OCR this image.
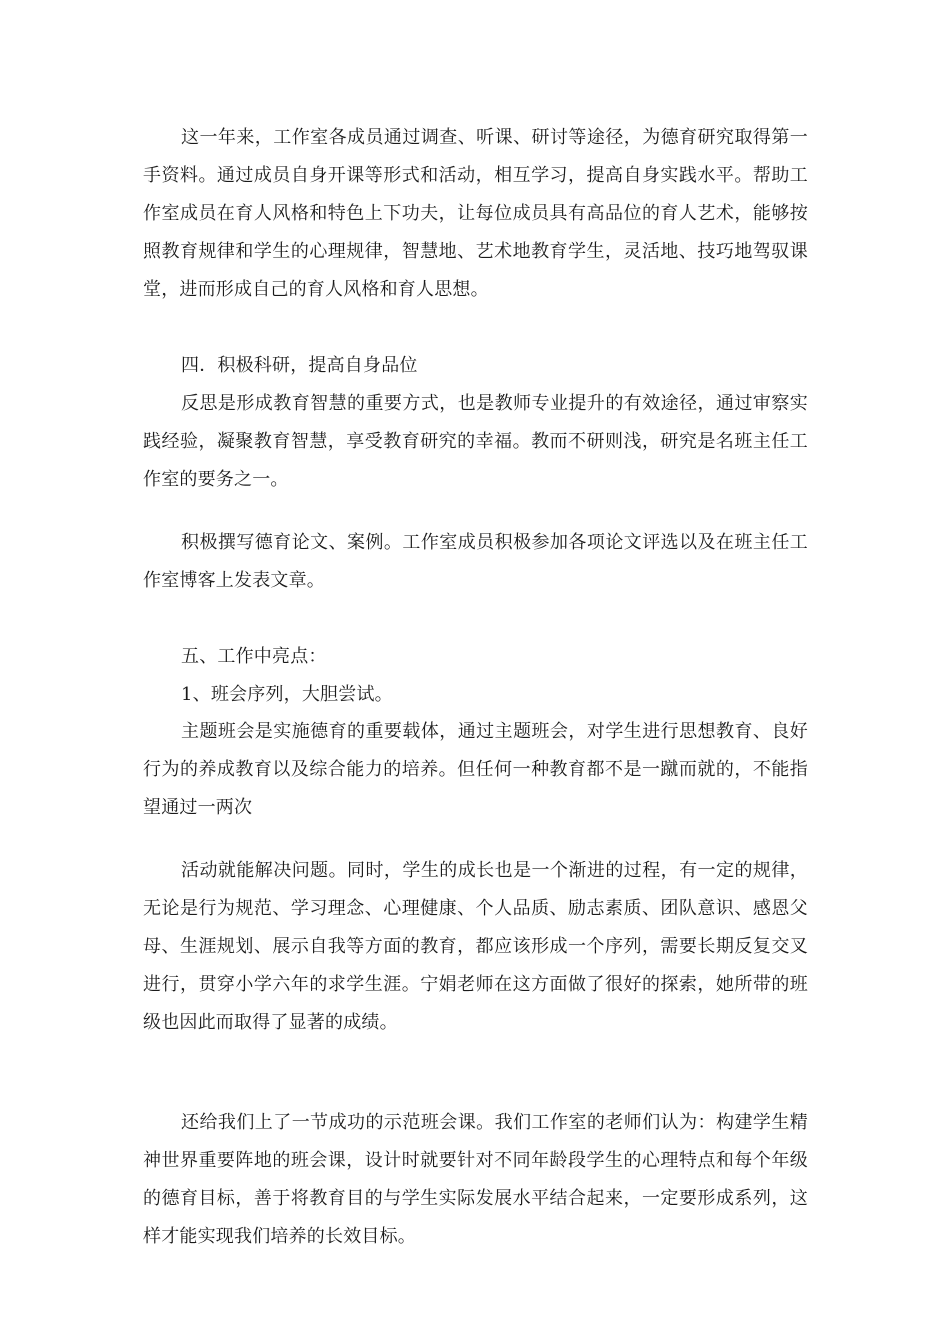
这一年来，工作室各成员通过调查、听课、研讨等途径，为德育研究取得第一手资料。通过成员自身开课等形式和活动，相互学习，提高自身实践水平。帮助工作室成员在育人风格和特色上下功夫，让每位成员具有高品位的育人艺术，能够按照教育规律和学生的心理规律，智慧地、艺术地教育学生，灵活地、技巧地驾驭课堂，进而形成自己的育人风格和育人思想。

四．积极科研，提高自身品位

反思是形成教育智慧的重要方式，也是教师专业提升的有效途径，通过审察实践经验，凝聚教育智慧，享受教育研究的幸福。教而不研则浅，研究是名班主任工作室的要务之一。

积极撰写德育论文、案例。工作室成员积极参加各项论文评选以及在班主任工作室博客上发表文章。

五、工作中亮点：

1、班会序列，大胆尝试。

主题班会是实施德育的重要载体，通过主题班会，对学生进行思想教育、良好行为的养成教育以及综合能力的培养。但任何一种教育都不是一蹴而就的，不能指望通过一两次

活动就能解决问题。同时，学生的成长也是一个渐进的过程，有一定的规律，无论是行为规范、学习理念、心理健康、个人品质、励志素质、团队意识、感恩父母、生涯规划、展示自我等方面的教育，都应该形成一个序列，需要长期反复交叉进行，贯穿小学六年的求学生涯。宁娟老师在这方面做了很好的探索，她所带的班级也因此而取得了显著的成绩。

还给我们上了一节成功的示范班会课。我们工作室的老师们认为：构建学生精神世界重要阵地的班会课，设计时就要针对不同年龄段学生的心理特点和每个年级的德育目标，善于将教育目的与学生实际发展水平结合起来，一定要形成系列，这样才能实现我们培养的长效目标。
